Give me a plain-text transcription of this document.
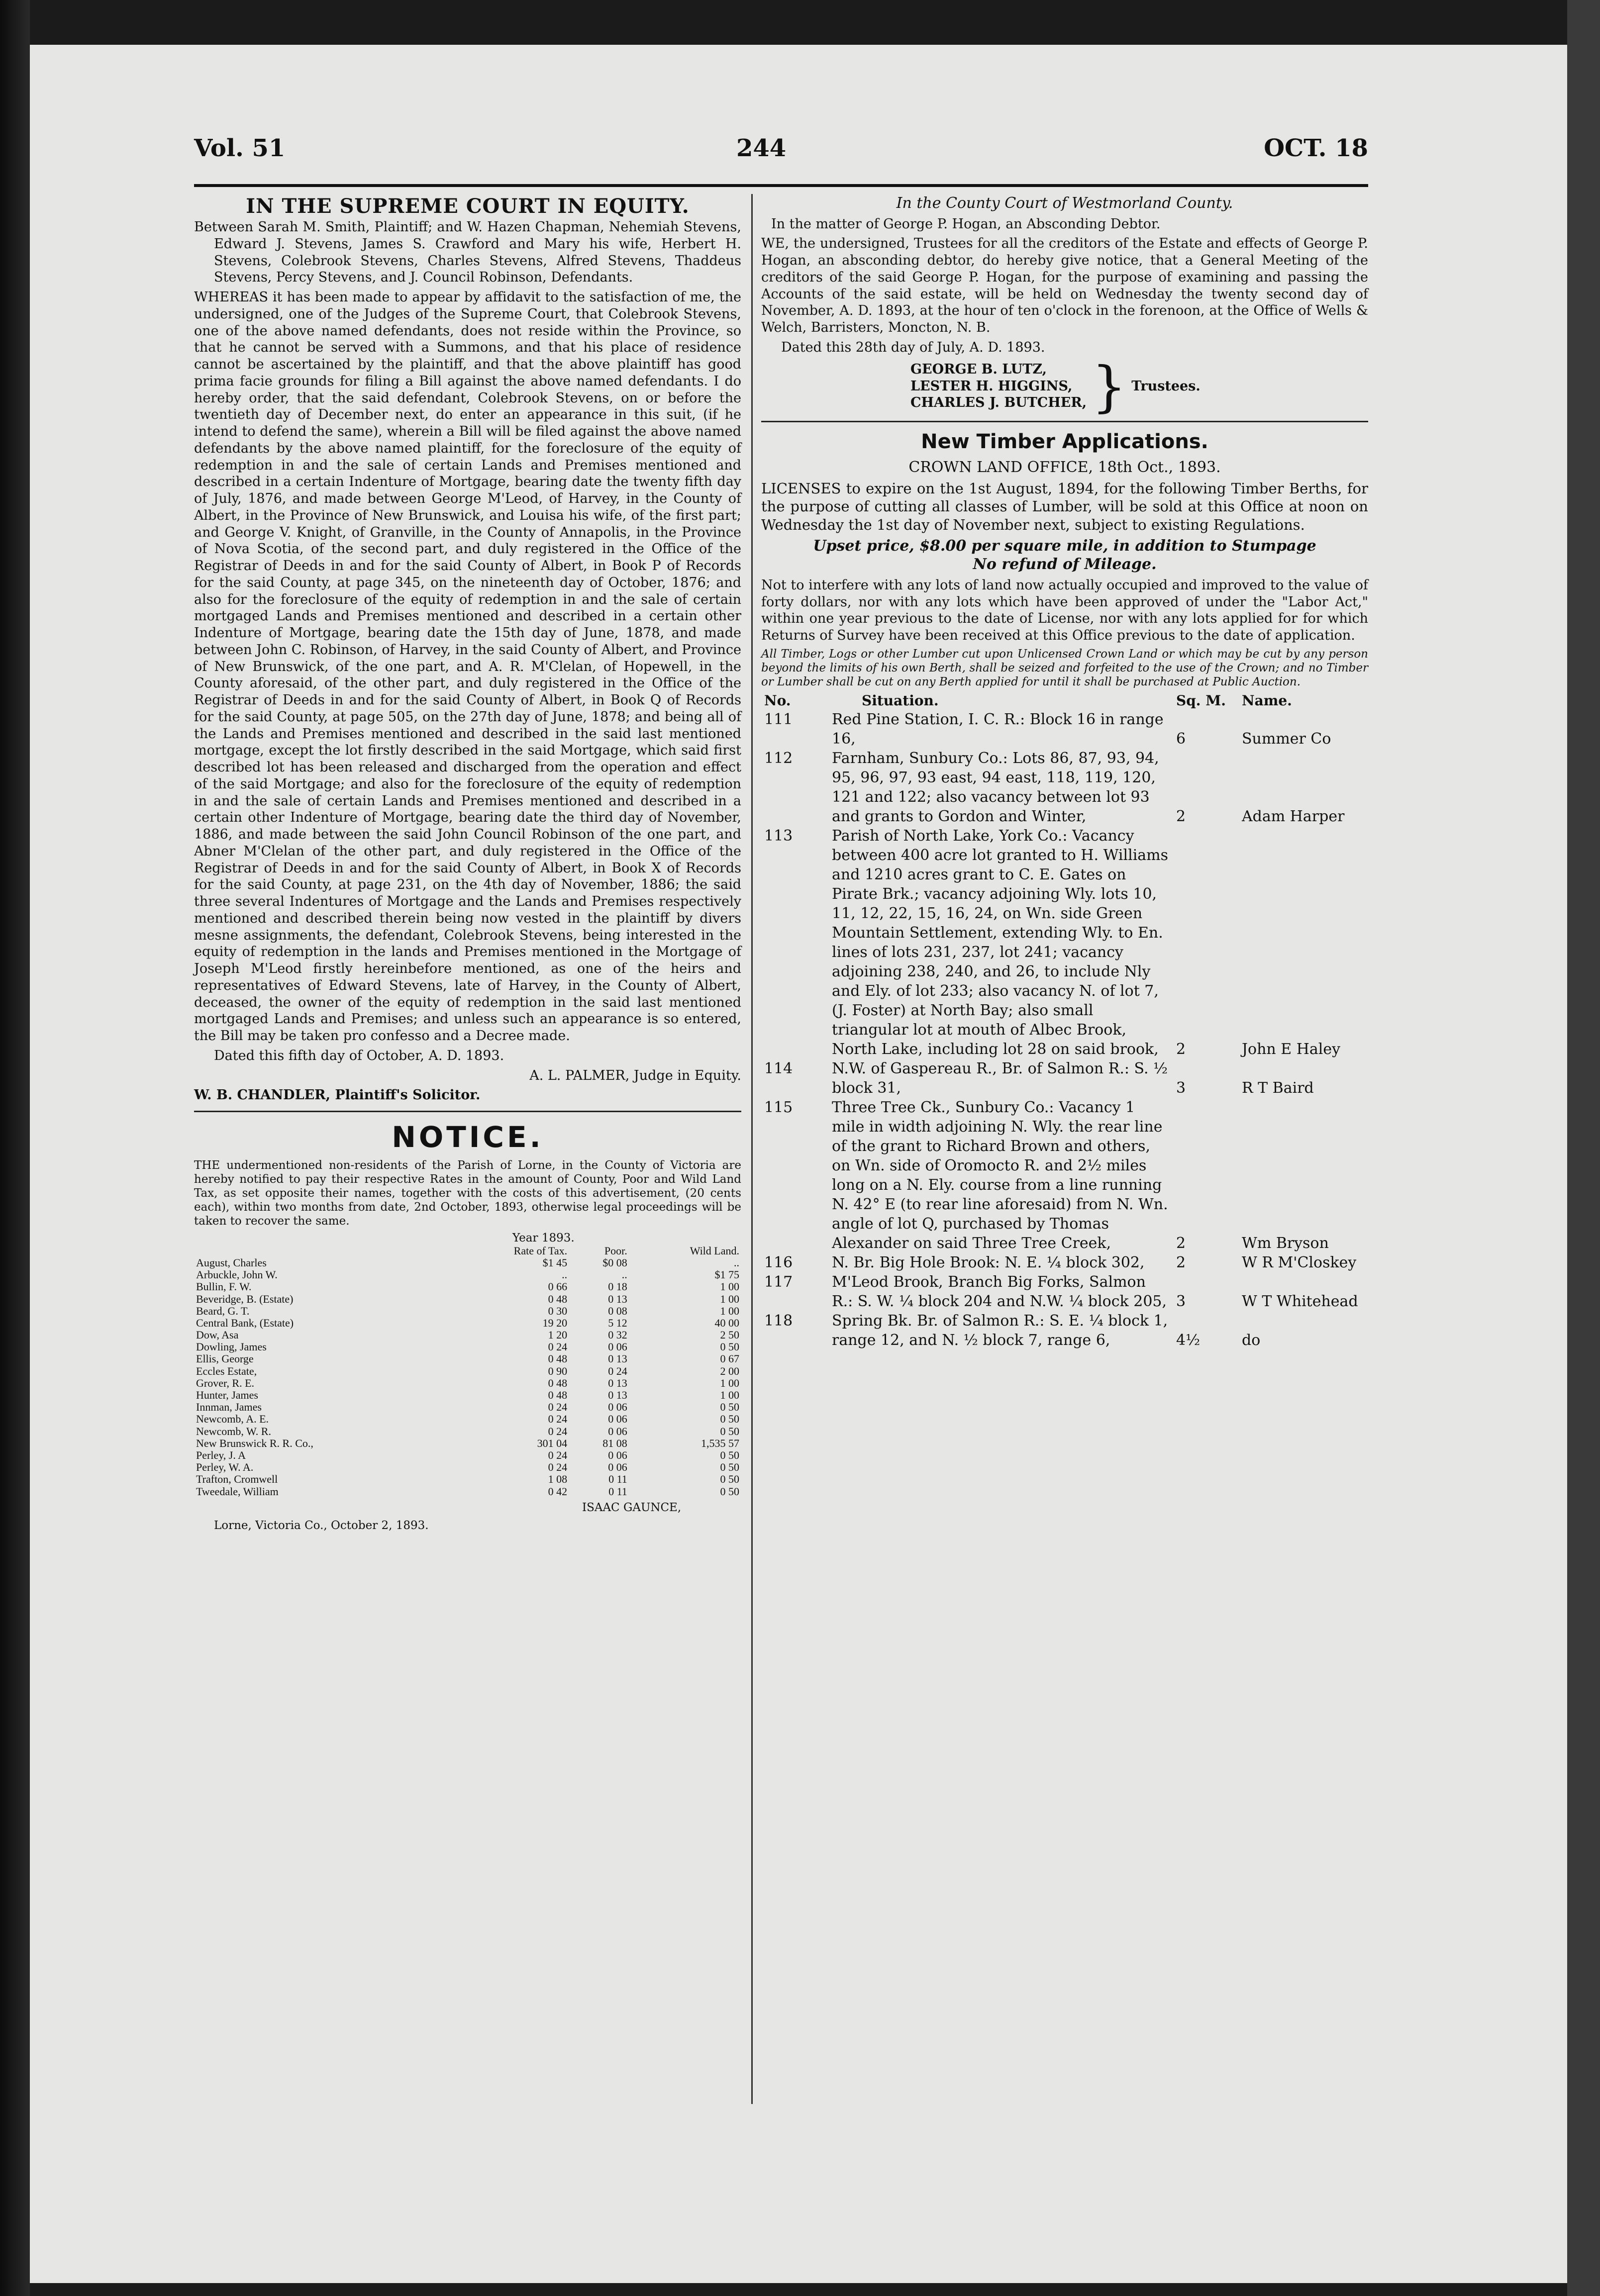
Vol. 51	244	OCT. 18
IN THE SUPREME COURT IN EQUITY.

Between Sarah M. Smith, Plaintiff; and W. Hazen Chapman, Nehemiah Stevens, Edward J. Stevens, James S. Crawford and Mary his wife, Herbert H. Stevens, Colebrook Stevens, Charles Stevens, Alfred Stevens, Thaddeus Stevens, Percy Stevens, and J. Council Robinson, Defendants.

WHEREAS it has been made to appear by affidavit to the satisfaction of me, the undersigned, one of the Judges of the Supreme Court, that Colebrook Stevens, one of the above named defendants, does not reside within the Province, so that he cannot be served with a Summons, and that his place of residence cannot be ascertained by the plaintiff, and that the above plaintiff has good prima facie grounds for filing a Bill against the above named defendants. I do hereby order, that the said defendant, Colebrook Stevens, on or before the twentieth day of December next, do enter an appearance in this suit, (if he intend to defend the same), wherein a Bill will be filed against the above named defendants by the above named plaintiff, for the foreclosure of the equity of redemption in and the sale of certain Lands and Premises mentioned and described in a certain Indenture of Mortgage, bearing date the twenty fifth day of July, 1876, and made between George M'Leod, of Harvey, in the County of Albert, in the Province of New Brunswick, and Louisa his wife, of the first part; and George V. Knight, of Granville, in the County of Annapolis, in the Province of Nova Scotia, of the second part, and duly registered in the Office of the Registrar of Deeds in and for the said County of Albert, in Book P of Records for the said County, at page 345, on the nineteenth day of October, 1876; and also for the foreclosure of the equity of redemption in and the sale of certain mortgaged Lands and Premises mentioned and described in a certain other Indenture of Mortgage, bearing date the 15th day of June, 1878, and made between John C. Robinson, of Harvey, in the said County of Albert, and Province of New Brunswick, of the one part, and A. R. M'Clelan, of Hopewell, in the County aforesaid, of the other part, and duly registered in the Office of the Registrar of Deeds in and for the said County of Albert, in Book Q of Records for the said County, at page 505, on the 27th day of June, 1878; and being all of the Lands and Premises mentioned and described in the said last mentioned mortgage, except the lot firstly described in the said Mortgage, which said first described lot has been released and discharged from the operation and effect of the said Mortgage; and also for the foreclosure of the equity of redemption in and the sale of certain Lands and Premises mentioned and described in a certain other Indenture of Mortgage, bearing date the third day of November, 1886, and made between the said John Council Robinson of the one part, and Abner M'Clelan of the other part, and duly registered in the Office of the Registrar of Deeds in and for the said County of Albert, in Book X of Records for the said County, at page 231, on the 4th day of November, 1886; the said three several Indentures of Mortgage and the Lands and Premises respectively mentioned and described therein being now vested in the plaintiff by divers mesne assignments, the defendant, Colebrook Stevens, being interested in the equity of redemption in the lands and Premises mentioned in the Mortgage of Joseph M'Leod firstly hereinbefore mentioned, as one of the heirs and representatives of Edward Stevens, late of Harvey, in the County of Albert, deceased, the owner of the equity of redemption in the said last mentioned mortgaged Lands and Premises; and unless such an appearance is so entered, the Bill may be taken pro confesso and a Decree made.

Dated this fifth day of October, A. D. 1893.

A. L. PALMER, Judge in Equity.

W. B. CHANDLER, Plaintiff's Solicitor.

NOTICE.

THE undermentioned non-residents of the Parish of Lorne, in the County of Victoria are hereby notified to pay their respective Rates in the amount of County, Poor and Wild Land Tax, as set opposite their names, together with the costs of this advertisement, (20 cents each), within two months from date, 2nd October, 1893, otherwise legal proceedings will be taken to recover the same.

Year 1893.
	Rate of Tax.	Poor.	Wild Land.
August, Charles	$1 45	$0 08	..
Arbuckle, John W.	..	..	$1 75
Bullin, F. W.	0 66	0 18	1 00
Beveridge, B. (Estate)	0 48	0 13	1 00
Beard, G. T.	0 30	0 08	1 00
Central Bank, (Estate)	19 20	5 12	40 00
Dow, Asa	1 20	0 32	2 50
Dowling, James	0 24	0 06	0 50
Ellis, George	0 48	0 13	0 67
Eccles Estate,	0 90	0 24	2 00
Grover, R. E.	0 48	0 13	1 00
Hunter, James	0 48	0 13	1 00
Innman, James	0 24	0 06	0 50
Newcomb, A. E.	0 24	0 06	0 50
Newcomb, W. R.	0 24	0 06	0 50
New Brunswick R. R. Co.,	301 04	81 08	1,535 57
Perley, J. A	0 24	0 06	0 50
Perley, W. A.	0 24	0 06	0 50
Trafton, Cromwell	1 08	0 11	0 50
Tweedale, William	0 42	0 11	0 50
ISAAC GAUNCE,
Lorne, Victoria Co., October 2, 1893.
In the County Court of Westmorland County.

In the matter of George P. Hogan, an Absconding Debtor.

WE, the undersigned, Trustees for all the creditors of the Estate and effects of George P. Hogan, an absconding debtor, do hereby give notice, that a General Meeting of the creditors of the said George P. Hogan, for the purpose of examining and passing the Accounts of the said estate, will be held on Wednesday the twenty second day of November, A. D. 1893, at the hour of ten o'clock in the forenoon, at the Office of Wells & Welch, Barristers, Moncton, N. B.

Dated this 28th day of July, A. D. 1893.

GEORGE B. LUTZ,
LESTER H. HIGGINS,
CHARLES J. BUTCHER, } Trustees.
New Timber Applications.

CROWN LAND OFFICE, 18th Oct., 1893.

LICENSES to expire on the 1st August, 1894, for the following Timber Berths, for the purpose of cutting all classes of Lumber, will be sold at this Office at noon on Wednesday the 1st day of November next, subject to existing Regulations.

Upset price, $8.00 per square mile, in addition to Stumpage

No refund of Mileage.

Not to interfere with any lots of land now actually occupied and improved to the value of forty dollars, nor with any lots which have been approved of under the "Labor Act," within one year previous to the date of License, nor with any lots applied for for which Returns of Survey have been received at this Office previous to the date of application.

All Timber, Logs or other Lumber cut upon Unlicensed Crown Land or which may be cut by any person beyond the limits of his own Berth, shall be seized and forfeited to the use of the Crown; and no Timber or Lumber shall be cut on any Berth applied for until it shall be purchased at Public Auction.

No.	Situation.	Sq. M.	Name.
111	Red Pine Station, I. C. R.: Block 16 in range 16,	6	Summer Co
112	Farnham, Sunbury Co.: Lots 86, 87, 93, 94, 95, 96, 97, 93 east, 94 east, 118, 119, 120, 121 and 122; also vacancy between lot 93 and grants to Gordon and Winter,	2	Adam Harper
113	Parish of North Lake, York Co.: Vacancy between 400 acre lot granted to H. Williams and 1210 acres grant to C. E. Gates on Pirate Brk.; vacancy adjoining Wly. lots 10, 11, 12, 22, 15, 16, 24, on Wn. side Green Mountain Settlement, extending Wly. to En. lines of lots 231, 237, lot 241; vacancy adjoining 238, 240, and 26, to include Nly and Ely. of lot 233; also vacancy N. of lot 7, (J. Foster) at North Bay; also small triangular lot at mouth of Albec Brook, North Lake, including lot 28 on said brook,	2	John E Haley
114	N.W. of Gaspereau R., Br. of Salmon R.: S. ½ block 31,	3	R T Baird
115	Three Tree Ck., Sunbury Co.: Vacancy 1 mile in width adjoining N. Wly. the rear line of the grant to Richard Brown and others, on Wn. side of Oromocto R. and 2½ miles long on a N. Ely. course from a line running N. 42° E (to rear line aforesaid) from N. Wn. angle of lot Q, purchased by Thomas Alexander on said Three Tree Creek,	2	Wm Bryson
116	N. Br. Big Hole Brook: N. E. ¼ block 302,	2	W R M'Closkey
117	M'Leod Brook, Branch Big Forks, Salmon R.: S. W. ¼ block 204 and N.W. ¼ block 205,	3	W T Whitehead
118	Spring Bk. Br. of Salmon R.: S. E. ¼ block 1, range 12, and N. ½ block 7, range 6,	4½	do
